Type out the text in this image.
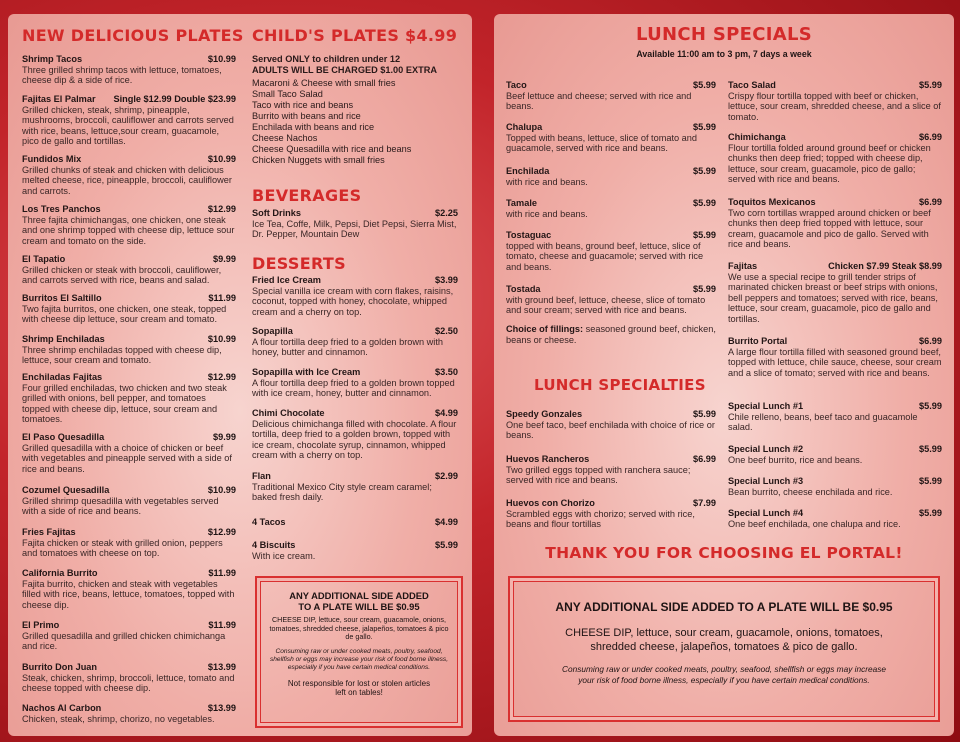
NEW DELICIOUS PLATES
Shrimp Tacos	$10.99
Three grilled shrimp tacos with lettuce, tomatoes, cheese dip & a side of rice.
Fajitas El Palmar	Single $12.99 Double $23.99
Grilled chicken, steak, shrimp, pineapple, mushrooms, broccoli, cauliflower and carrots served with rice, beans, lettuce,sour cream, guacamole, pico de gallo and tortillas.
Fundidos Mix	$10.99
Grilled chunks of steak and chicken with delicious melted cheese, rice, pineapple, broccoli, cauliflower and carrots.
Los Tres Panchos	$12.99
Three fajita chimichangas, one chicken, one steak and one shrimp topped with cheese dip, lettuce sour cream and tomato on the side.
El Tapatio	$9.99
Grilled chicken or steak with broccoli, cauliflower, and carrots served with rice, beans and salad.
Burritos El Saltillo	$11.99
Two fajita burritos, one chicken, one steak, topped with cheese dip lettuce, sour cream and tomato.
Shrimp Enchiladas	$10.99
Three shrimp enchiladas topped with cheese dip, lettuce, sour cream and tomato.
Enchiladas Fajitas	$12.99
Four grilled enchiladas, two chicken and two steak grilled with onions, bell pepper, and tomatoes topped with cheese dip, lettuce, sour cream and tomatoes.
El Paso Quesadilla	$9.99
Grilled quesadilla with a choice of chicken or beef with vegetables and pineapple served with a side of rice and beans.
Cozumel Quesadilla	$10.99
Grilled shrimp quesadilla with vegetables served with a side of rice and beans.
Fries Fajitas	$12.99
Fajita chicken or steak with grilled onion, peppers and tomatoes with cheese on top.
California Burrito	$11.99
Fajita burrito, chicken and steak with vegetables filled with rice, beans, lettuce, tomatoes, topped with cheese dip.
El Primo	$11.99
Grilled quesadilla and grilled chicken chimichanga and rice.
Burrito Don Juan	$13.99
Steak, chicken, shrimp, broccoli, lettuce, tomato and cheese topped with cheese dip.
Nachos Al Carbon	$13.99
Chicken, steak, shrimp, chorizo, no vegetables.
CHILD'S PLATES $4.99
Served ONLY to children under 12
ADULTS WILL BE CHARGED $1.00 EXTRA
Macaroni & Cheese with small fries
Small Taco Salad
Taco with rice and beans
Burrito with beans and rice
Enchilada with beans and rice
Cheese Nachos
Cheese Quesadilla with rice and beans
Chicken Nuggets with small fries
BEVERAGES
Soft Drinks	$2.25
Ice Tea, Coffe, Milk, Pepsi, Diet Pepsi, Sierra Mist, Dr. Pepper, Mountain Dew
DESSERTS
Fried Ice Cream	$3.99
Special vanilla ice cream with corn flakes, raisins, coconut, topped with honey, chocolate, whipped cream and a cherry on top.
Sopapilla	$2.50
A flour tortilla deep fried to a golden brown with honey, butter and cinnamon.
Sopapilla with Ice Cream	$3.50
A flour tortilla deep fried to a golden brown topped with ice cream, honey, butter and cinnamon.
Chimi Chocolate	$4.99
Delicious chimichanga filled with chocolate. A flour tortilla, deep fried to a golden brown, topped with ice cream, chocolate syrup, cinnamon, whipped cream with a cherry on top.
Flan	$2.99
Traditional Mexico City style cream caramel; baked fresh daily.
4 Tacos	$4.99
4 Biscuits	$5.99
With ice cream.
ANY ADDITIONAL SIDE ADDED
TO A PLATE WILL BE $0.95
CHEESE DIP, lettuce, sour cream, guacamole, onions, tomatoes, shredded cheese, jalapeños, tomatoes & pico de gallo.
Consuming raw or under cooked meats, poultry, seafood, shellfish or eggs may increase your risk of food borne illness, especially if you have certain medical conditions.
Not responsible for lost or stolen articles left on tables!
LUNCH SPECIALS
Available 11:00 am to 3 pm, 7 days a week
Taco	$5.99
Beef lettuce and cheese; served with rice and beans.
Chalupa	$5.99
Topped with beans, lettuce, slice of tomato and guacamole, served with rice and beans.
Enchilada	$5.99
with rice and beans.
Tamale	$5.99
with rice and beans.
Tostaguac	$5.99
topped with beans, ground beef, lettuce, slice of tomato, cheese and guacamole; served with rice and beans.
Tostada	$5.99
with ground beef, lettuce, cheese, slice of tomato and sour cream; served with rice and beans.
Choice of fillings: seasoned ground beef, chicken, beans or cheese.
LUNCH SPECIALTIES
Speedy Gonzales	$5.99
One beef taco, beef enchilada with choice of rice or beans.
Huevos Rancheros	$6.99
Two grilled eggs topped with ranchera sauce; served with rice and beans.
Huevos con Chorizo	$7.99
Scrambled eggs with chorizo; served with rice, beans and flour tortillas
Taco Salad	$5.99
Crispy flour tortilla topped with beef or chicken, lettuce, sour cream, shredded cheese, and a slice of tomato.
Chimichanga	$6.99
Flour tortilla folded around ground beef or chicken chunks then deep fried; topped with cheese dip, lettuce, sour cream, guacamole, pico de gallo; served with rice and beans.
Toquitos Mexicanos	$6.99
Two corn tortillas wrapped around chicken or beef chunks then deep fried topped with lettuce, sour cream, guacamole and pico de gallo. Served with rice and beans.
Fajitas	Chicken $7.99 Steak $8.99
We use a special recipe to grill tender strips of marinated chicken breast or beef strips with onions, bell peppers and tomatoes; served with rice, beans, lettuce, sour cream, guacamole, pico de gallo and tortillas.
Burrito Portal	$6.99
A large flour tortilla filled with seasoned ground beef, topped with lettuce, chile sauce, cheese, sour cream and a slice of tomato; served with rice and beans.
Special Lunch #1	$5.99
Chile relleno, beans, beef taco and guacamole salad.
Special Lunch #2	$5.99
One beef burrito, rice and beans.
Special Lunch #3	$5.99
Bean burrito, cheese enchilada and rice.
Special Lunch #4	$5.99
One beef enchilada, one chalupa and rice.
THANK YOU FOR CHOOSING EL PORTAL!
ANY ADDITIONAL SIDE ADDED TO A PLATE WILL BE $0.95
CHEESE DIP, lettuce, sour cream, guacamole, onions, tomatoes,
shredded cheese, jalapeños, tomatoes & pico de gallo.
Consuming raw or under cooked meats, poultry, seafood, shellfish or eggs may increase
your risk of food borne illness, especially if you have certain medical conditions.
